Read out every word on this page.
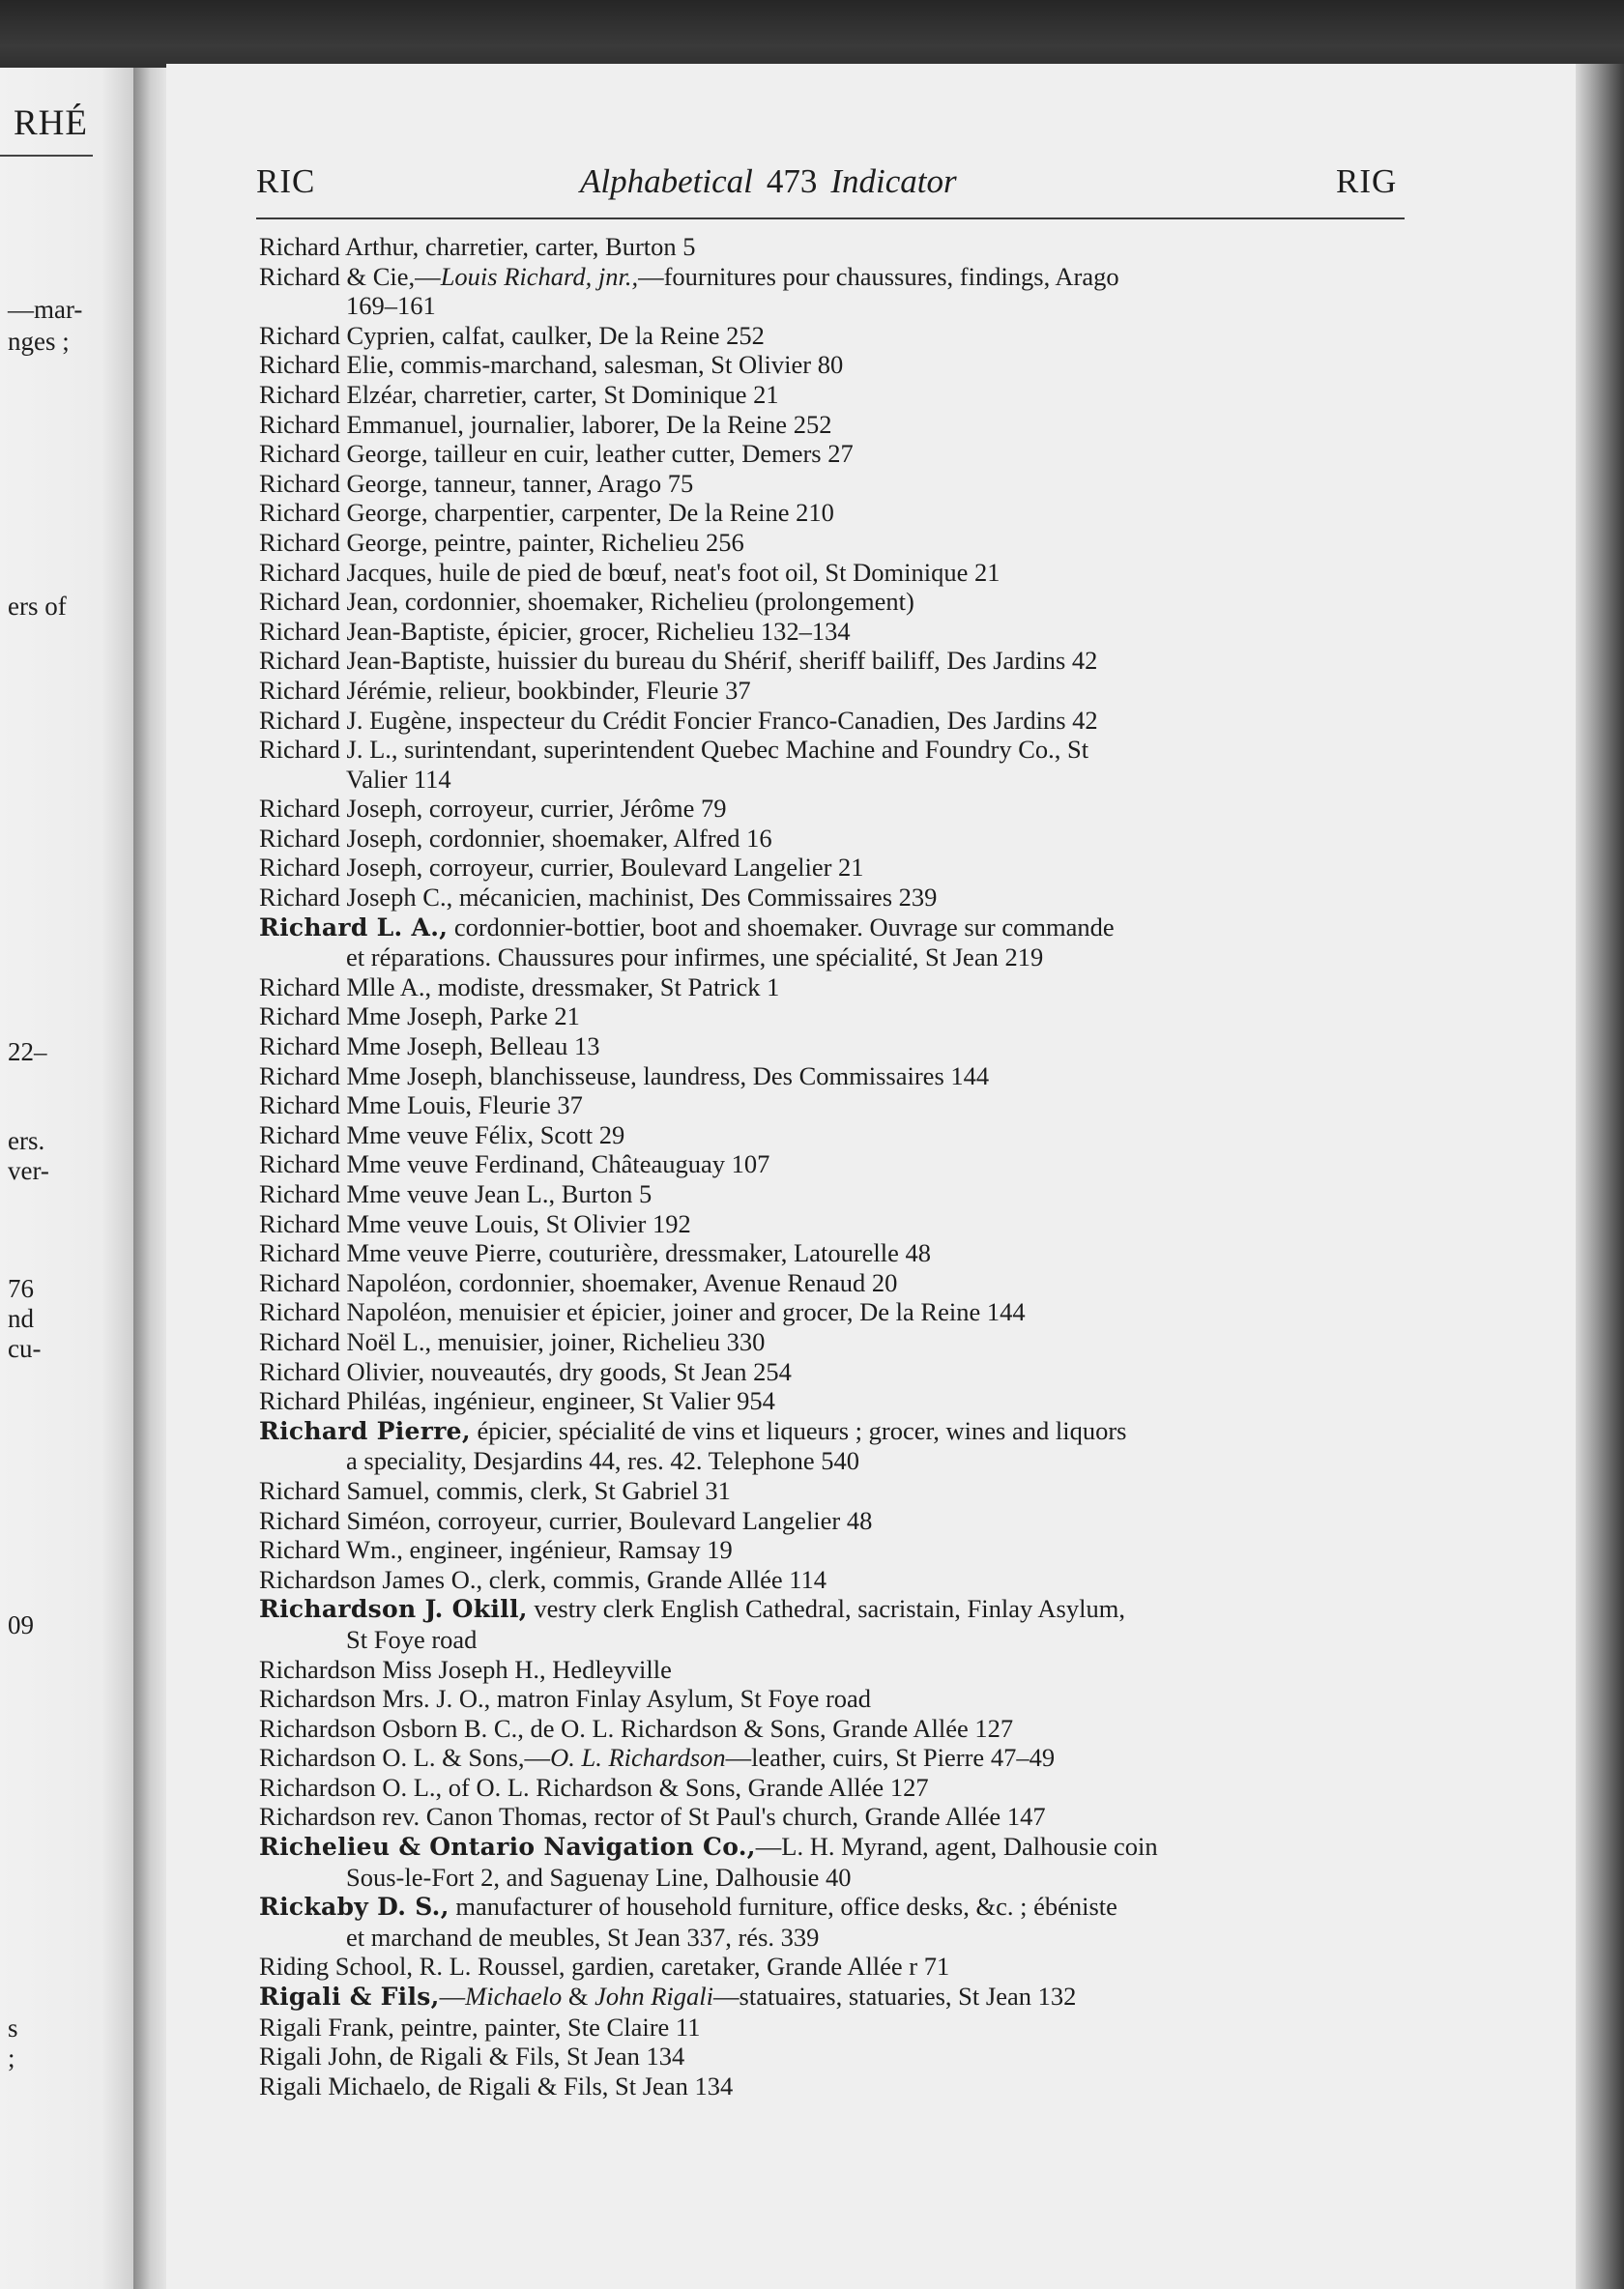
RHÉ
—mar-
nges ;
ers of
22–
ers.
ver-
76
nd
cu-
09
s
;
RIC	Alphabetical 473 Indicator	RIG
Richard Arthur, charretier, carter, Burton 5
Richard & Cie,—Louis Richard, jnr.,—fournitures pour chaussures, findings, Arago
169–161
Richard Cyprien, calfat, caulker, De la Reine 252
Richard Elie, commis-marchand, salesman, St Olivier 80
Richard Elzéar, charretier, carter, St Dominique 21
Richard Emmanuel, journalier, laborer, De la Reine 252
Richard George, tailleur en cuir, leather cutter, Demers 27
Richard George, tanneur, tanner, Arago 75
Richard George, charpentier, carpenter, De la Reine 210
Richard George, peintre, painter, Richelieu 256
Richard Jacques, huile de pied de bœuf, neat's foot oil, St Dominique 21
Richard Jean, cordonnier, shoemaker, Richelieu (prolongement)
Richard Jean-Baptiste, épicier, grocer, Richelieu 132–134
Richard Jean-Baptiste, huissier du bureau du Shérif, sheriff bailiff, Des Jardins 42
Richard Jérémie, relieur, bookbinder, Fleurie 37
Richard J. Eugène, inspecteur du Crédit Foncier Franco-Canadien, Des Jardins 42
Richard J. L., surintendant, superintendent Quebec Machine and Foundry Co., St
Valier 114
Richard Joseph, corroyeur, currier, Jérôme 79
Richard Joseph, cordonnier, shoemaker, Alfred 16
Richard Joseph, corroyeur, currier, Boulevard Langelier 21
Richard Joseph C., mécanicien, machinist, Des Commissaires 239
Richard L. A., cordonnier-bottier, boot and shoemaker. Ouvrage sur commande
et réparations. Chaussures pour infirmes, une spécialité, St Jean 219
Richard Mlle A., modiste, dressmaker, St Patrick 1
Richard Mme Joseph, Parke 21
Richard Mme Joseph, Belleau 13
Richard Mme Joseph, blanchisseuse, laundress, Des Commissaires 144
Richard Mme Louis, Fleurie 37
Richard Mme veuve Félix, Scott 29
Richard Mme veuve Ferdinand, Châteauguay 107
Richard Mme veuve Jean L., Burton 5
Richard Mme veuve Louis, St Olivier 192
Richard Mme veuve Pierre, couturière, dressmaker, Latourelle 48
Richard Napoléon, cordonnier, shoemaker, Avenue Renaud 20
Richard Napoléon, menuisier et épicier, joiner and grocer, De la Reine 144
Richard Noël L., menuisier, joiner, Richelieu 330
Richard Olivier, nouveautés, dry goods, St Jean 254
Richard Philéas, ingénieur, engineer, St Valier 954
Richard Pierre, épicier, spécialité de vins et liqueurs ; grocer, wines and liquors
a speciality, Desjardins 44, res. 42. Telephone 540
Richard Samuel, commis, clerk, St Gabriel 31
Richard Siméon, corroyeur, currier, Boulevard Langelier 48
Richard Wm., engineer, ingénieur, Ramsay 19
Richardson James O., clerk, commis, Grande Allée 114
Richardson J. Okill, vestry clerk English Cathedral, sacristain, Finlay Asylum,
St Foye road
Richardson Miss Joseph H., Hedleyville
Richardson Mrs. J. O., matron Finlay Asylum, St Foye road
Richardson Osborn B. C., de O. L. Richardson & Sons, Grande Allée 127
Richardson O. L. & Sons,—O. L. Richardson—leather, cuirs, St Pierre 47–49
Richardson O. L., of O. L. Richardson & Sons, Grande Allée 127
Richardson rev. Canon Thomas, rector of St Paul's church, Grande Allée 147
Richelieu & Ontario Navigation Co.,—L. H. Myrand, agent, Dalhousie coin
Sous-le-Fort 2, and Saguenay Line, Dalhousie 40
Rickaby D. S., manufacturer of household furniture, office desks, &c. ; ébéniste
et marchand de meubles, St Jean 337, rés. 339
Riding School, R. L. Roussel, gardien, caretaker, Grande Allée r 71
Rigali & Fils,—Michaelo & John Rigali—statuaires, statuaries, St Jean 132
Rigali Frank, peintre, painter, Ste Claire 11
Rigali John, de Rigali & Fils, St Jean 134
Rigali Michaelo, de Rigali & Fils, St Jean 134
